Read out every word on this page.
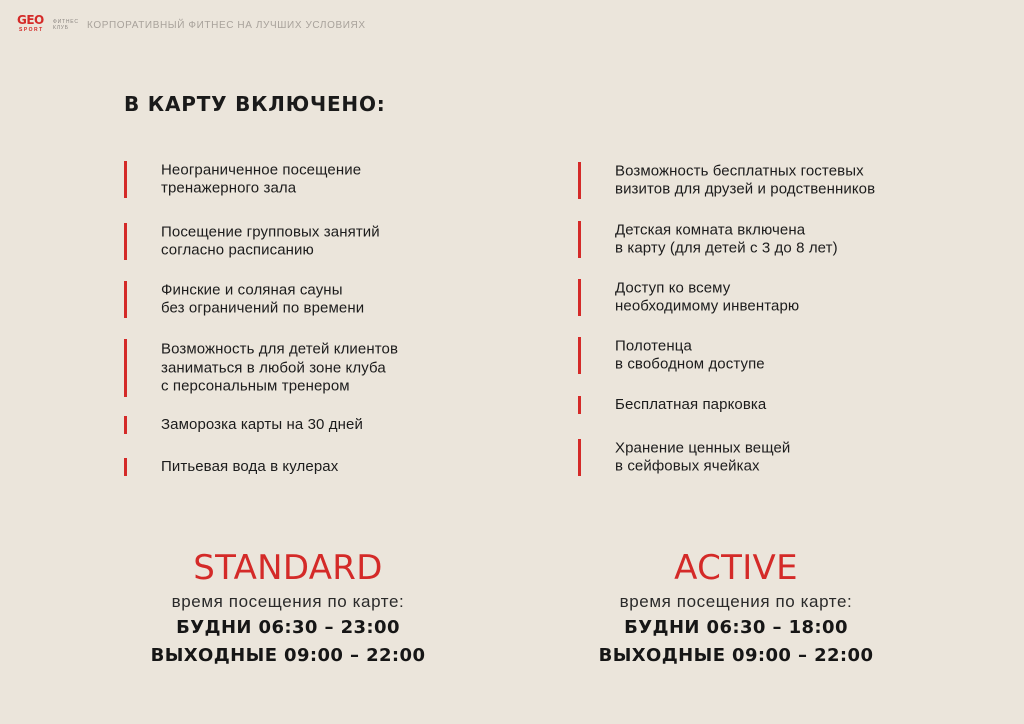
GEO
SPORT
ФИТНЕС КЛУБ	КОРПОРАТИВНЫЙ ФИТНЕС НА ЛУЧШИХ УСЛОВИЯХ
В КАРТУ ВКЛЮЧЕНО:
Неограниченное посещение
тренажерного зала
Посещение групповых занятий
согласно расписанию
Финские и соляная сауны
без ограничений по времени
Возможность для детей клиентов
заниматься в любой зоне клуба
с персональным тренером
Заморозка карты на 30 дней
Питьевая вода в кулерах
Возможность бесплатных гостевых
визитов для друзей и родственников
Детская комната включена
в карту (для детей с 3 до 8 лет)
Доступ ко всему
необходимому инвентарю
Полотенца
в свободном доступе
Бесплатная парковка
Хранение ценных вещей
в сейфовых ячейках
STANDARD
время посещения по карте:
БУДНИ 06:30 – 23:00
ВЫХОДНЫЕ 09:00 – 22:00
ACTIVE
время посещения по карте:
БУДНИ 06:30 – 18:00
ВЫХОДНЫЕ 09:00 – 22:00
